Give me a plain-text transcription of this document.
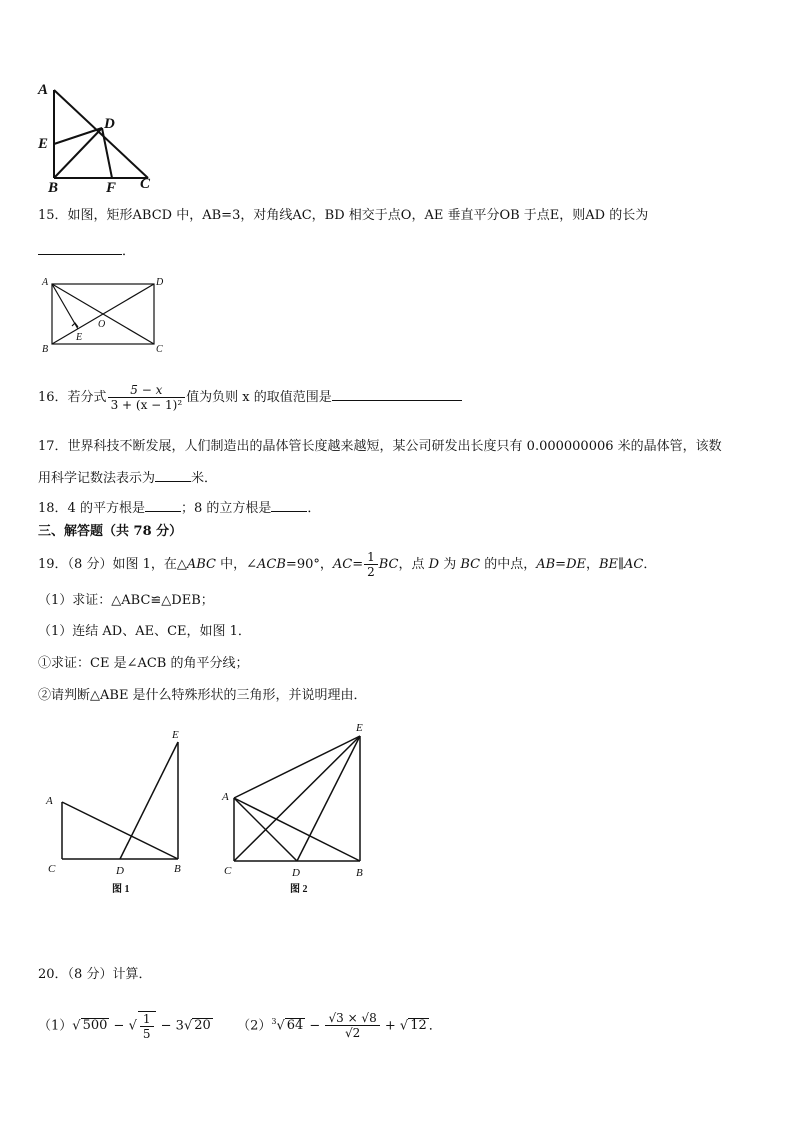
A
D
E
B	F C
15．如图，矩形ABCD 中，AB=3，对角线AC，BD 相交于点O，AE 垂直平分OB 于点E，则AD 的长为
．
A	D
O
E
B	C
16．若分式 $\frac{5 - x}{\text{3 + (x − 1)²}}$ 值为负则 x 的取值范围是
17．世界科技不断发展，人们制造出的晶体管长度越来越短，某公司研发出长度只有 0.000000006 米的晶体管，该数
用科学记数法表示为	米．
18．4 的平方根是	；8 的立方根是	．
三、解答题（共 78 分）
19．（8 分）如图 1，在△ABC 中，∠ACB=90°，$AC= \frac{1}{2}$ BC，点 D 为 BC 的中点，AB=DE，BE∥AC．
（1）求证：△ABC≌△DEB；
（1）连结 AD、AE、CE，如图 1．
①求证：CE 是∠ACB 的角平分线；
②请判断△ABE 是什么特殊形状的三角形，并说明理由．
E
A
C	D	B
图 1
E
A
C	D	B
图 2
20．（8 分）计算．
（1）√ 500 − √ $\frac{1}{5} - 3√$ 20 $(2)^3√$ $64 - \frac{√3 \times √8}{√2}$ + √ 12 ．
